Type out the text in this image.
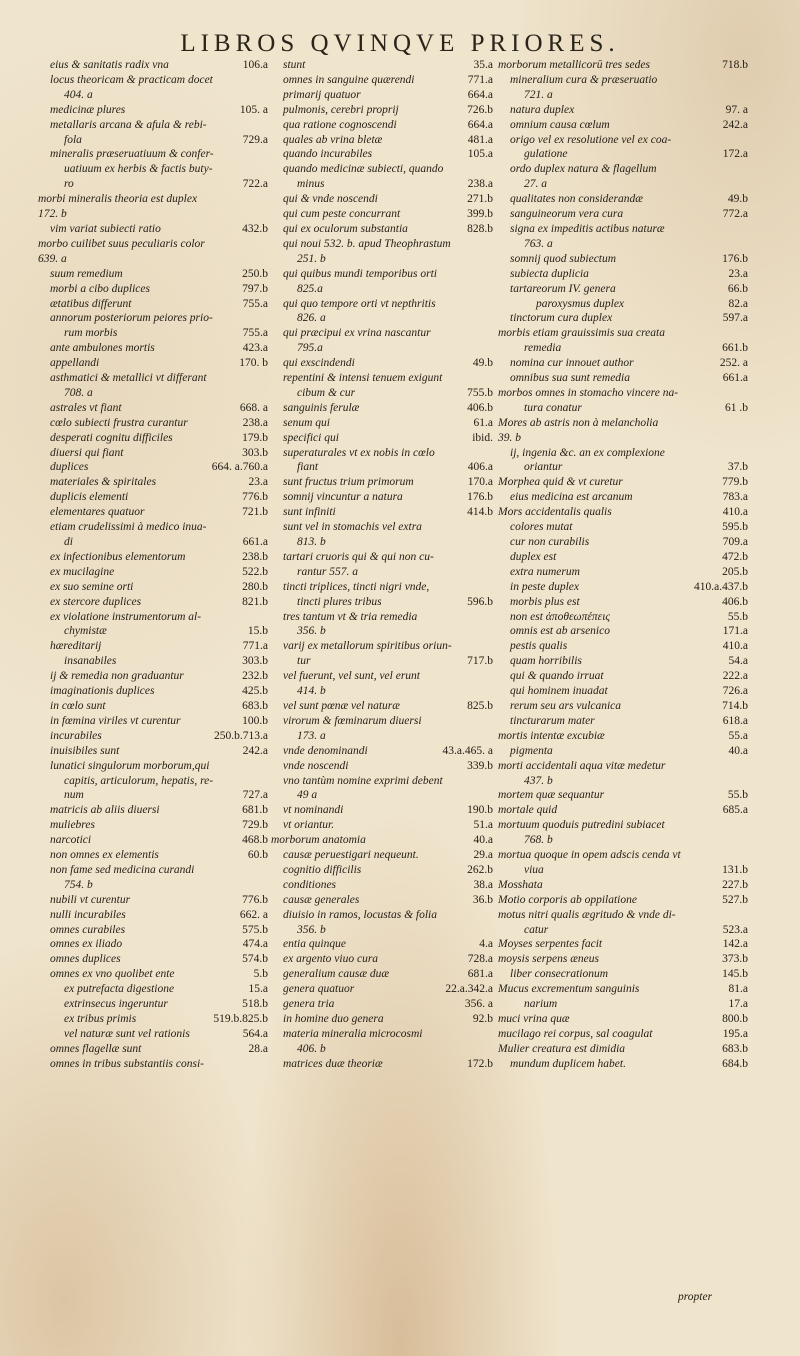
LIBROS QVINQVE PRIORES.
eius & sanitatis radix vna	106.a
locus theoricam & practicam docet
404. a
medicinæ plures	105. a
metallaris arcana & afula & rebi-
fola	729.a
mineralis præseruatiuum & confer-
uatiuum ex herbis & factis buty-
ro	722.a
morbi mineralis theoria est duplex
172. b
vim variat subiecti ratio	432.b
morbo cuilibet suus peculiaris color
639. a
suum remedium	250.b
morbi a cibo duplices	797.b
ætatibus differunt	755.a
annorum posteriorum peiores prio-
rum morbis	755.a
ante ambulones mortis	423.a
appellandi	170. b
asthmatici & metallici vt differant
708. a
astrales vt fiant	668. a
cœlo subiecti frustra curantur	238.a
desperati cognitu difficiles	179.b
diuersi qui fiant	303.b
duplices	664. a.760.a
materiales & spiritales	23.a
duplicis elementi	776.b
elementares quatuor	721.b
etiam crudelissimi à medico inua-
di	661.a
ex infectionibus elementorum	238.b
ex mucilagine	522.b
ex suo semine orti	280.b
ex stercore duplices	821.b
ex violatione instrumentorum al-
chymistæ	15.b
hæreditarij	771.a
insanabiles	303.b
ij & remedia non graduantur	232.b
imaginationis duplices	425.b
in cœlo sunt	683.b
in fœmina viriles vt curentur	100.b
incurabiles	250.b.713.a
inuisibiles sunt	242.a
lunatici singulorum morborum,qui
capitis, articulorum, hepatis, re-
num	727.a
matricis ab aliis diuersi	681.b
muliebres	729.b
narcotici	468.b
non omnes ex elementis	60.b
non fame sed medicina curandi
754. b
nubili vt curentur	776.b
nulli incurabiles	662. a
omnes curabiles	575.b
omnes ex iliado	474.a
omnes duplices	574.b
omnes ex vno quolibet ente	5.b
ex putrefacta digestione	15.a
extrinsecus ingeruntur	518.b
ex tribus primis	519.b.825.b
vel naturæ sunt vel rationis	564.a
omnes flagellæ sunt	28.a
omnes in tribus substantiis consi-
stunt	35.a
omnes in sanguine quærendi	771.a
primarij quatuor	664.a
pulmonis, cerebri proprij	726.b
qua ratione cognoscendi	664.a
quales ab vrina bletæ	481.a
quando incurabiles	105.a
quando medicinæ subiecti, quando
minus	238.a
qui & vnde noscendi	271.b
qui cum peste concurrant	399.b
qui ex oculorum substantia	828.b
qui noui 532. b. apud Theophrastum
251. b
qui quibus mundi temporibus orti
825.a
qui quo tempore orti vt nepthritis
826. a
qui præcipui ex vrina nascantur
795.a
qui exscindendi	49.b
repentini & intensi tenuem exigunt
cibum & cur	755.b
sanguinis ferulæ	406.b
senum qui	61.a
specifici qui	ibid.
superaturales vt ex nobis in cœlo
fiant	406.a
sunt fructus trium primorum	170.a
somnij vincuntur a natura	176.b
sunt infiniti	414.b
sunt vel in stomachis vel extra
813. b
tartari cruoris qui & qui non cu-
rantur 557. a
tincti triplices, tincti nigri vnde,
tincti plures tribus	596.b
tres tantum vt & tria remedia
356. b
varij ex metallorum spiritibus oriun-
tur	717.b
vel fuerunt, vel sunt, vel erunt
414. b
vel sunt pœnæ vel naturæ	825.b
virorum & fœminarum diuersi
173. a
vnde denominandi	43.a.465. a
vnde noscendi	339.b
vno tantùm nomine exprimi debent
49 a
vt nominandi	190.b
vt oriantur.	51.a
morborum anatomia	40.a
causæ peruestigari nequeunt.	29.a
cognitio difficilis	262.b
conditiones	38.a
causæ generales	36.b
diuisio in ramos, locustas & folia
356. b
entia quinque	4.a
ex argento viuo cura	728.a
generalium causæ duæ	681.a
genera quatuor	22.a.342.a
genera tria	356. a
in homine duo genera	92.b
materia mineralia microcosmi
406. b
matrices duæ theoriæ	172.b
morborum metallicorū tres sedes	718.b
mineralium cura & præseruatio
721. a
natura duplex	97. a
omnium causa cœlum	242.a
origo vel ex resolutione vel ex coa-
gulatione	172.a
ordo duplex natura & flagellum
27. a
qualitates non considerandæ	49.b
sanguineorum vera cura	772.a
signa ex impeditis actibus naturæ
763. a
somnij quod subiectum	176.b
subiecta duplicia	23.a
tartareorum IV. genera	66.b
paroxysmus duplex	82.a
tinctorum cura duplex	597.a
morbis etiam grauissimis sua creata
remedia	661.b
nomina cur innouet author	252. a
omnibus sua sunt remedia	661.a
morbos omnes in stomacho vincere na-
tura conatur	61 .b
Mores ab astris non à melancholia
39. b
ij, ingenia &c. an ex complexione
oriantur	37.b
Morphea quid & vt curetur	779.b
eius medicina est arcanum	783.a
Mors accidentalis qualis	410.a
colores mutat	595.b
cur non curabilis	709.a
duplex est	472.b
extra numerum	205.b
in peste duplex	410.a.437.b
morbis plus est	406.b
non est ἀποθεωπέπεις	55.b
omnis est ab arsenico	171.a
pestis qualis	410.a
quam horribilis	54.a
qui & quando irruat	222.a
qui hominem inuadat	726.a
rerum seu ars vulcanica	714.b
tincturarum mater	618.a
mortis intentæ excubiæ	55.a
pigmenta	40.a
morti accidentali aqua vitæ medetur
437. b
mortem quæ sequantur	55.b
mortale quid	685.a
mortuum quoduis putredini subiacet
768. b
mortua quoque in opem adscis cenda vt
viua	131.b
Mosshata	227.b
Motio corporis ab oppilatione	527.b
motus nitri qualis ægritudo & vnde di-
catur	523.a
Moyses serpentes facit	142.a
moysis serpens æneus	373.b
liber consecrationum	145.b
Mucus excrementum sanguinis	81.a
narium	17.a
muci vrina quæ	800.b
mucilago rei corpus, sal coagulat	195.a
Mulier creatura est dimidia	683.b
mundum duplicem habet.	684.b
propter
